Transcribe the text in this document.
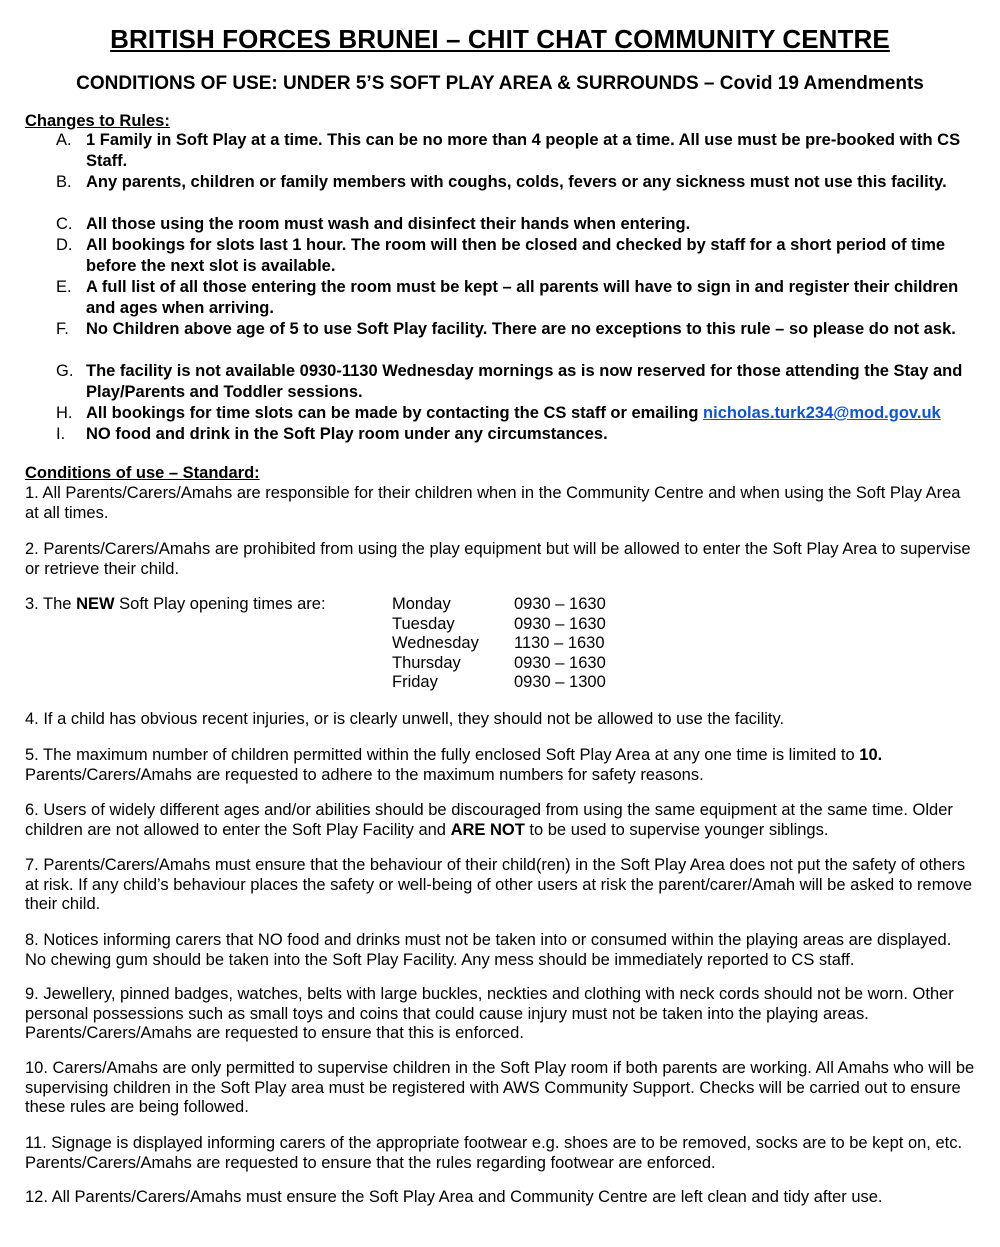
BRITISH FORCES BRUNEI – CHIT CHAT COMMUNITY CENTRE
CONDITIONS OF USE: UNDER 5’S SOFT PLAY AREA & SURROUNDS – Covid 19 Amendments
Changes to Rules:
A. 1 Family in Soft Play at a time. This can be no more than 4 people at a time. All use must be pre-booked with CS Staff.
B. Any parents, children or family members with coughs, colds, fevers or any sickness must not use this facility.
C. All those using the room must wash and disinfect their hands when entering.
D. All bookings for slots last 1 hour. The room will then be closed and checked by staff for a short period of time before the next slot is available.
E. A full list of all those entering the room must be kept – all parents will have to sign in and register their children and ages when arriving.
F. No Children above age of 5 to use Soft Play facility. There are no exceptions to this rule – so please do not ask.
G. The facility is not available 0930-1130 Wednesday mornings as is now reserved for those attending the Stay and Play/Parents and Toddler sessions.
H. All bookings for time slots can be made by contacting the CS staff or emailing nicholas.turk234@mod.gov.uk
I. NO food and drink in the Soft Play room under any circumstances.
Conditions of use – Standard:
1. All Parents/Carers/Amahs are responsible for their children when in the Community Centre and when using the Soft Play Area at all times.
2. Parents/Carers/Amahs are prohibited from using the play equipment but will be allowed to enter the Soft Play Area to supervise or retrieve their child.
3. The NEW Soft Play opening times are:	Monday	0930 – 1630
Tuesday	0930 – 1630
Wednesday 1130 – 1630
Thursday	0930 – 1630
Friday	0930 – 1300
4. If a child has obvious recent injuries, or is clearly unwell, they should not be allowed to use the facility.
5. The maximum number of children permitted within the fully enclosed Soft Play Area at any one time is limited to 10. Parents/Carers/Amahs are requested to adhere to the maximum numbers for safety reasons.
6. Users of widely different ages and/or abilities should be discouraged from using the same equipment at the same time. Older children are not allowed to enter the Soft Play Facility and ARE NOT to be used to supervise younger siblings.
7. Parents/Carers/Amahs must ensure that the behaviour of their child(ren) in the Soft Play Area does not put the safety of others at risk. If any child’s behaviour places the safety or well-being of other users at risk the parent/carer/Amah will be asked to remove their child.
8. Notices informing carers that NO food and drinks must not be taken into or consumed within the playing areas are displayed. No chewing gum should be taken into the Soft Play Facility. Any mess should be immediately reported to CS staff.
9. Jewellery, pinned badges, watches, belts with large buckles, neckties and clothing with neck cords should not be worn. Other personal possessions such as small toys and coins that could cause injury must not be taken into the playing areas. Parents/Carers/Amahs are requested to ensure that this is enforced.
10. Carers/Amahs are only permitted to supervise children in the Soft Play room if both parents are working. All Amahs who will be supervising children in the Soft Play area must be registered with AWS Community Support. Checks will be carried out to ensure these rules are being followed.
11. Signage is displayed informing carers of the appropriate footwear e.g. shoes are to be removed, socks are to be kept on, etc. Parents/Carers/Amahs are requested to ensure that the rules regarding footwear are enforced.
12. All Parents/Carers/Amahs must ensure the Soft Play Area and Community Centre are left clean and tidy after use.
